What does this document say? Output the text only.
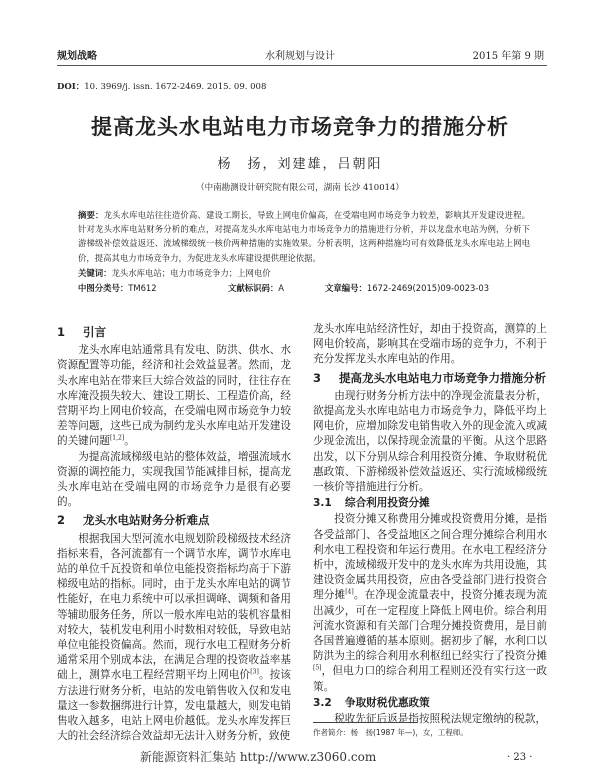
规划战略	水利规划与设计	2015 年第 9 期
DOI：10. 3969/j. issn. 1672-2469. 2015. 09. 008
提高龙头水电站电力市场竞争力的措施分析
杨　扬，刘建雄，吕朝阳
（中南勘测设计研究院有限公司，湖南 长沙 410014）
摘要：龙头水库电站往往造价高、建设工期长，导致上网电价偏高，在受端电网市场竞争力较差，影响其开发建设进程。针对龙头水库电站财务分析的难点，对提高龙头水库电站电力市场竞争力的措施进行分析，并以龙盘水电站为例，分析下游梯级补偿效益返还、流域梯级统一核价两种措施的实施效果。分析表明，这两种措施均可有效降低龙头水库电站上网电价，提高其电力市场竞争力，为促进龙头水库建设提供理论依据。
关键词：龙头水库电站；电力市场竞争力；上网电价
中图分类号：TM612	文献标识码：A	文章编号：1672-2469(2015)09-0023-03
1 引言

龙头水库电站通常具有发电、防洪、供水、水资源配置等功能，经济和社会效益显著。然而，龙头水库电站在带来巨大综合效益的同时，往往存在水库淹没损失较大、建设工期长、工程造价高，经营期平均上网电价较高，在受端电网市场竞争力较差等问题，这些已成为制约龙头水库电站开发建设的关键问题[1,2]。

为提高流域梯级电站的整体效益，增强流域水资源的调控能力，实现我国节能减排目标，提高龙头水库电站在受端电网的市场竞争力是很有必要的。

2 龙头水电站财务分析难点

根据我国大型河流水电规划阶段梯级技术经济指标来看，各河流都有一个调节水库，调节水库电站的单位千瓦投资和单位电能投资指标均高于下游梯级电站的指标。同时，由于龙头水库电站的调节性能好，在电力系统中可以承担调峰、调频和备用等辅助服务任务，所以一般水库电站的装机容量相对较大，装机发电利用小时数相对较低，导致电站单位电能投资偏高。然而，现行水电工程财务分析通常采用个别成本法，在满足合理的投资收益率基础上，测算水电工程经营期平均上网电价[3]。按该方法进行财务分析，电站的发电销售收入仅和发电量这一参数捆绑进行计算，发电量越大，则发电销售收入越多，电站上网电价越低。龙头水库发挥巨大的社会经济综合效益却无法计入财务分析，致使

龙头水库电站经济性好，却由于投资高，测算的上网电价较高，影响其在受端市场的竞争力，不利于充分发挥龙头水库电站的作用。

3 提高龙头水电站电力市场竞争力措施分析

由现行财务分析方法中的净现金流量表分析，欲提高龙头水库电站电力市场竞争力，降低平均上网电价，应增加除发电销售收入外的现金流入或减少现金流出，以保持现金流量的平衡。从这个思路出发，以下分别从综合利用投资分摊、争取财税优惠政策、下游梯级补偿效益返还、实行流域梯级统一核价等措施进行分析。

3.1 综合利用投资分摊

投资分摊又称费用分摊或投资费用分摊，是指各受益部门、各受益地区之间合理分摊综合利用水利水电工程投资和年运行费用。在水电工程经济分析中，流域梯级开发中的龙头水库为共用设施，其建设资金属共用投资，应由各受益部门进行投资合理分摊[4]。在净现金流量表中，投资分摊表现为流出减少，可在一定程度上降低上网电价。综合利用河流水资源和有关部门合理分摊投资费用，是目前各国普遍遵循的基本原则。据初步了解，水利口以防洪为主的综合利用水利枢纽已经实行了投资分摊[5]，但电力口的综合利用工程则还没有实行这一政策。

3.2 争取财税优惠政策

税收先征后返是指按照税法规定缴纳的税款，

作者简介：杨　扬(1987 年—)，女，工程师。
新能源资料汇集站 http://www.z3060.com	· 23 ·
